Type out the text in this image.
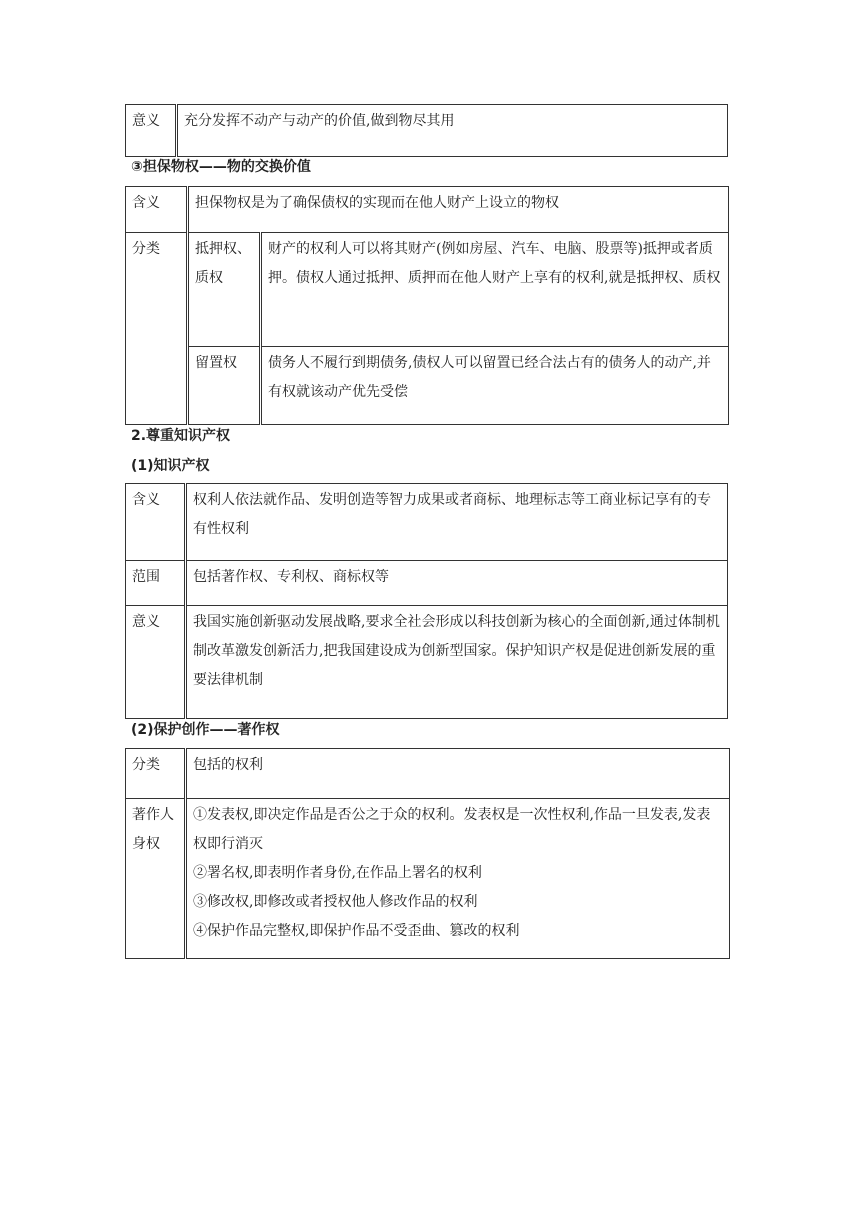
意义	充分发挥不动产与动产的价值,做到物尽其用
③担保物权——物的交换价值
含义	担保物权是为了确保债权的实现而在他人财产上设立的物权	
分类	抵押权、质权	财产的权利人可以将其财产(例如房屋、汽车、电脑、股票等)抵押或者质押。债权人通过抵押、质押而在他人财产上享有的权利,就是抵押权、质权
	留置权	债务人不履行到期债务,债权人可以留置已经合法占有的债务人的动产,并有权就该动产优先受偿
2.尊重知识产权
(1)知识产权
含义	权利人依法就作品、发明创造等智力成果或者商标、地理标志等工商业标记享有的专有性权利
范围	包括著作权、专利权、商标权等
意义	我国实施创新驱动发展战略,要求全社会形成以科技创新为核心的全面创新,通过体制机制改革激发创新活力,把我国建设成为创新型国家。保护知识产权是促进创新发展的重要法律机制
(2)保护创作——著作权
分类	包括的权利
著作人身权	①发表权,即决定作品是否公之于众的权利。发表权是一次性权利,作品一旦发表,发表权即行消灭
②署名权,即表明作者身份,在作品上署名的权利
③修改权,即修改或者授权他人修改作品的权利
④保护作品完整权,即保护作品不受歪曲、篡改的权利
